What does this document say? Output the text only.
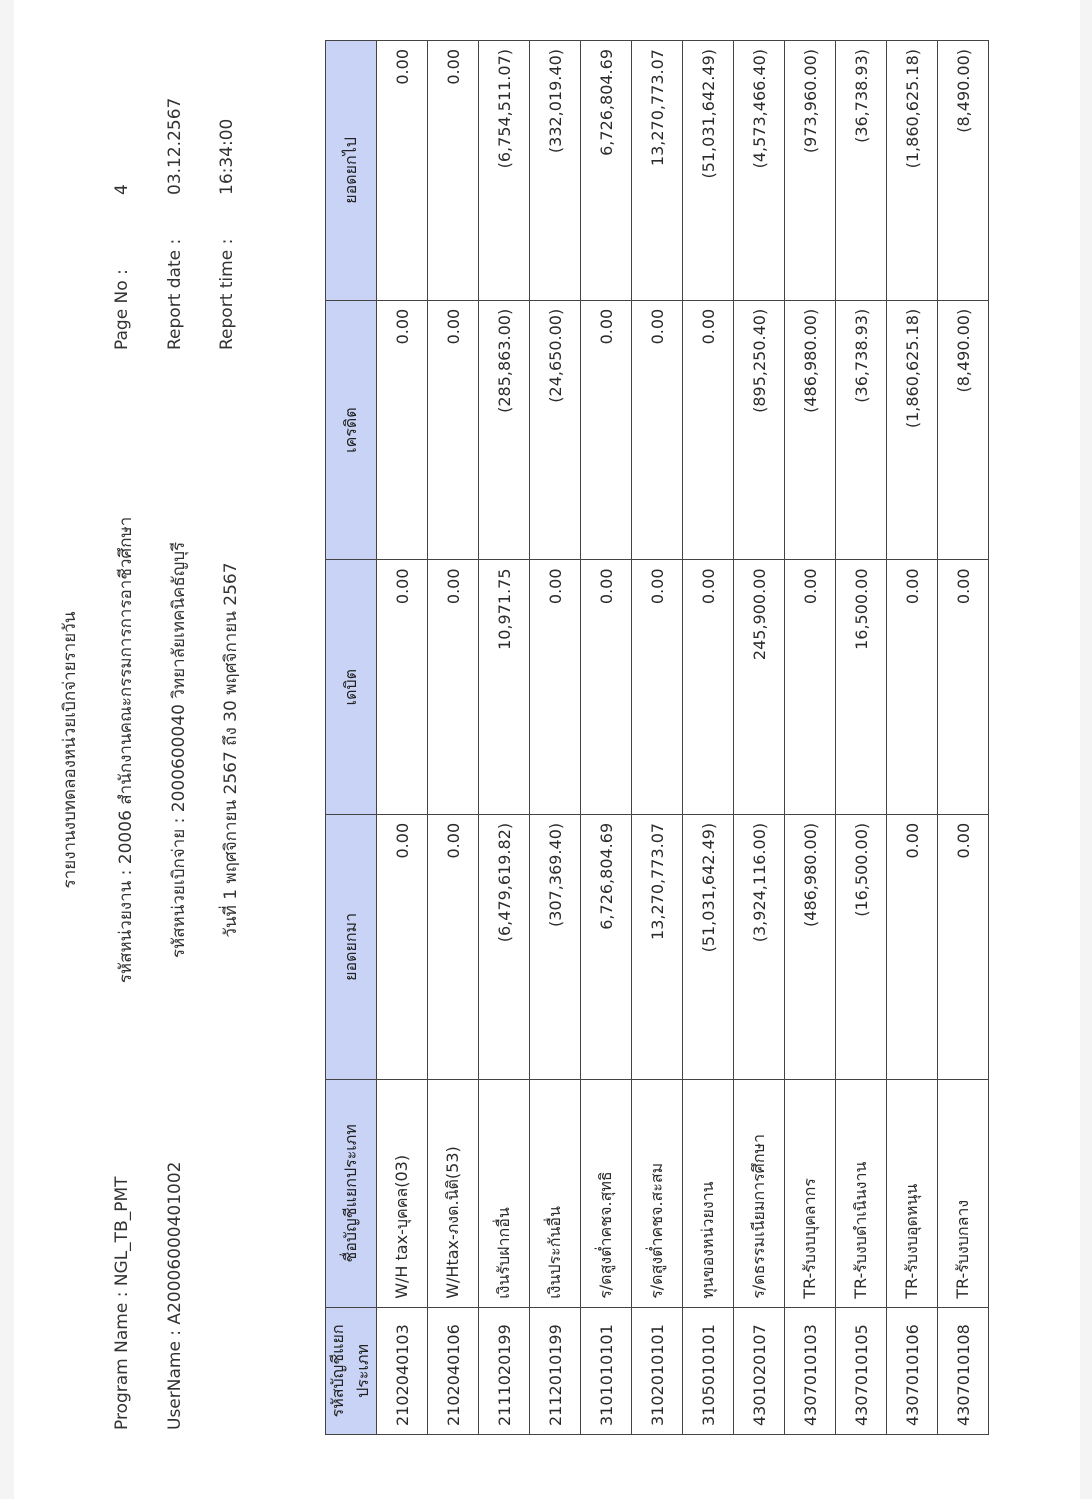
รายงานงบทดลองหน่วยเบิกจ่ายรายวัน
Program Name : NGL_TB_PMT
รหัสหน่วยงาน : 20006 สำนักงานคณะกรรมการการอาชีวศึกษา
Page No :
4
UserName : A2000600040100​2
รหัสหน่วยเบิกจ่าย : 2000600040 วิทยาลัยเทคนิคธัญบุรี
Report date :
03.12.2567
วันที่ 1 พฤศจิกายน 2567 ถึง 30 พฤศจิกายน 2567
Report time :
16:34:00
รหัสบัญชีแยกประเภท	ชื่อบัญชีแยกประเภท	ยอดยกมา	เดบิต	เครดิต	ยอดยกไป
2102040103	W/H tax-บุคคล(03)	0.00	0.00	0.00	0.00
2102040106	W/Htax-ภงด.นิติ(53)	0.00	0.00	0.00	0.00
2111020199	เงินรับฝากอื่น	(6,479,619.82)	10,971.75	(285,863.00)	(6,754,511.07)
2112010199	เงินประกันอื่น	(307,369.40)	0.00	(24,650.00)	(332,019.40)
3101010101	ร/ดสูงต่ำคชจ.สุทธิ	6,726,804.69	0.00	0.00	6,726,804.69
3102010101	ร/ดสูงต่ำคชจ.สะสม	13,270,773.07	0.00	0.00	13,270,773.07
3105010101	ทุนของหน่วยงาน	(51,031,642.49)	0.00	0.00	(51,031,642.49)
4301020107	ร/ดธรรมเนียมการศึกษา	(3,924,116.00)	245,900.00	(895,250.40)	(4,573,466.40)
4307010103	TR-รับงบบุคลากร	(486,980.00)	0.00	(486,980.00)	(973,960.00)
4307010105	TR-รับงบดำเนินงาน	(16,500.00)	16,500.00	(36,738.93)	(36,738.93)
4307010106	TR-รับงบอุดหนุน	0.00	0.00	(1,860,625.18)	(1,860,625.18)
4307010108	TR-รับงบกลาง	0.00	0.00	(8,490.00)	(8,490.00)
